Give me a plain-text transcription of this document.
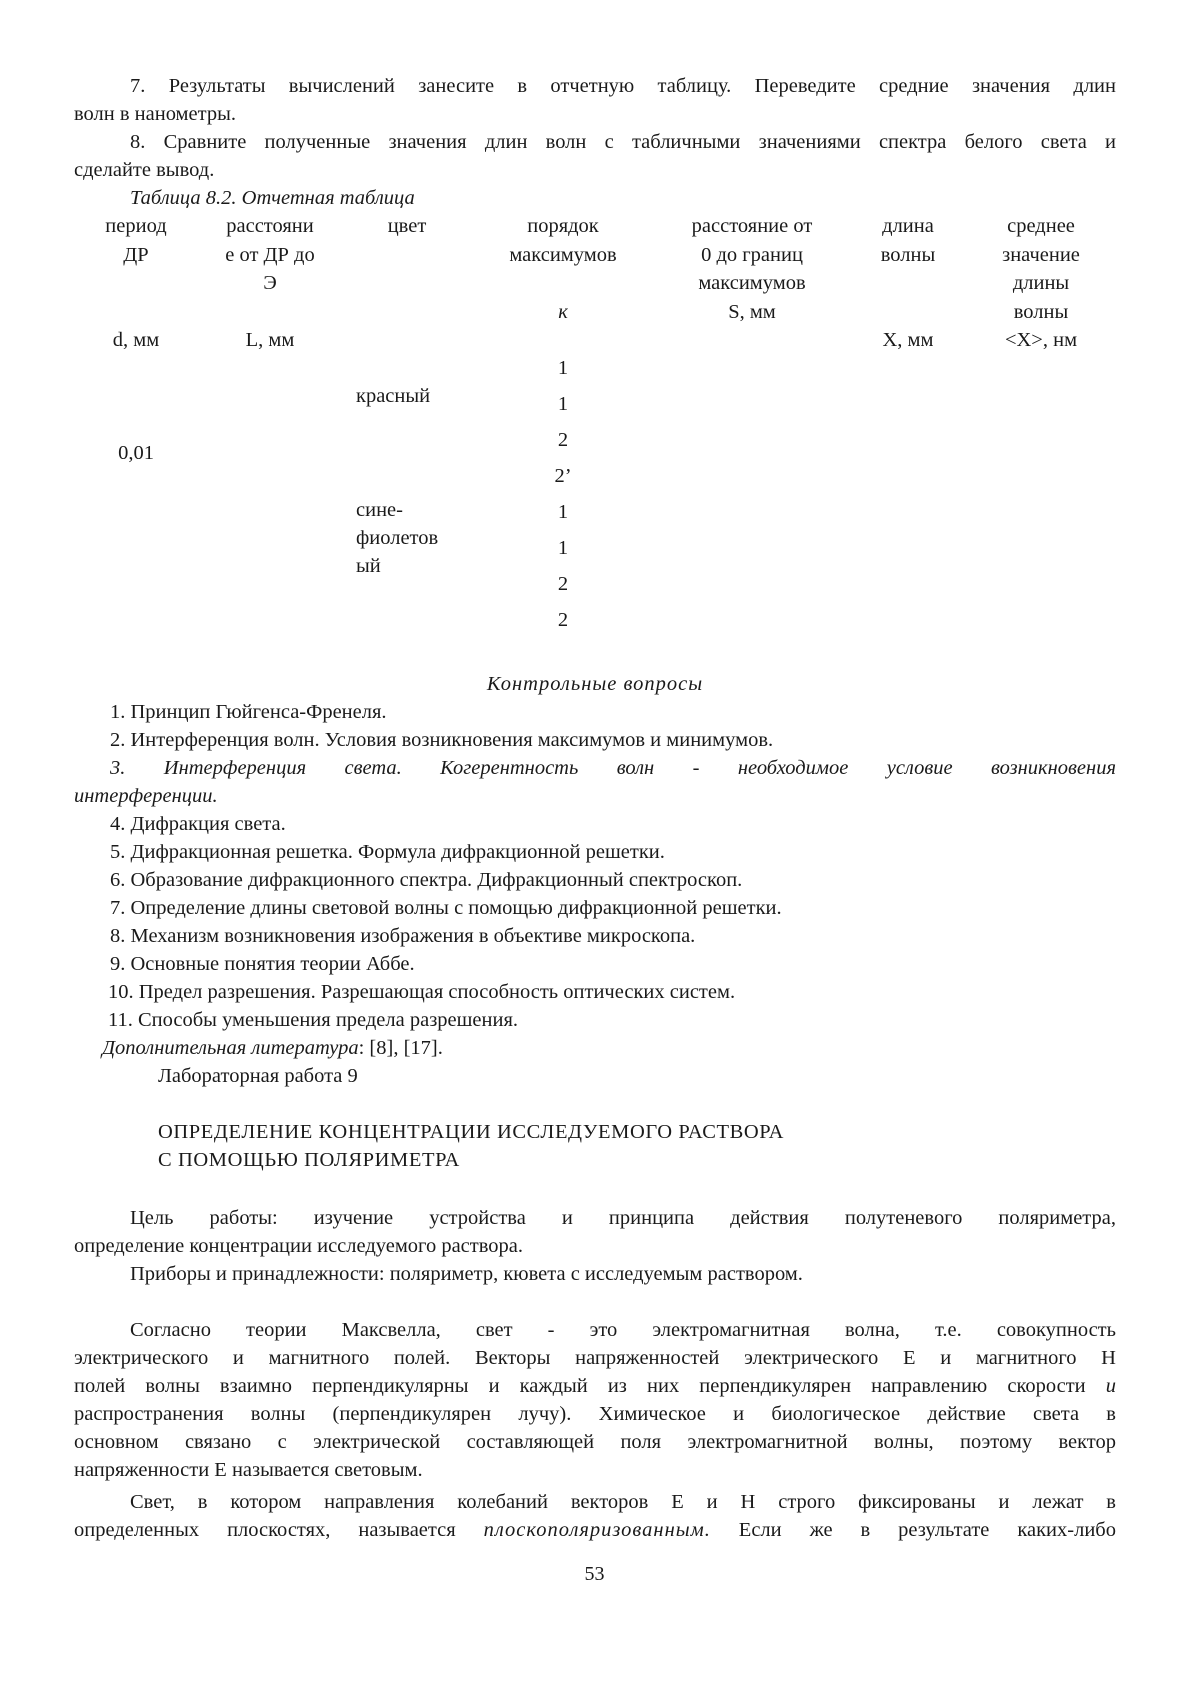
7. Результаты вычислений занесите в отчетную таблицу. Переведите средние значения длин

волн в нанометры.

8. Сравните полученные значения длин волн с табличными значениями спектра белого света и

сделайте вывод.

Таблица 8.2. Отчетная таблица

период
ДР
d, мм
0,01
расстояни
е от ДР до
Э
L, мм
цвет
красный
сине-
фиолетов
ый
порядок
максимумов
к
1
1
2
2’
1
1
2
2
расстояние от
0 до границ
максимумов
S, мм
длина
волны
X, мм
среднее
значение
длины
волны
<X>, нм

Контрольные вопросы

1. Принцип Гюйгенса-Френеля.

2. Интерференция волн. Условия возникновения максимумов и минимумов.

3. Интерференция света. Когерентность волн - необходимое условие возникновения

интерференции.

4. Дифракция света.

5. Дифракционная решетка. Формула дифракционной решетки.

6. Образование дифракционного спектра. Дифракционный спектроскоп.

7. Определение длины световой волны с помощью дифракционной решетки.

8. Механизм возникновения изображения в объективе микроскопа.

9. Основные понятия теории Аббе.

10. Предел разрешения. Разрешающая способность оптических систем.

11. Способы уменьшения предела разрешения.

Дополнительная литература: [8], [17].

Лабораторная работа 9

ОПРЕДЕЛЕНИЕ КОНЦЕНТРАЦИИ ИССЛЕДУЕМОГО РАСТВОРА

С ПОМОЩЬЮ ПОЛЯРИМЕТРА

Цель работы: изучение устройства и принципа действия полутеневого поляриметра,

определение концентрации исследуемого раствора.

Приборы и принадлежности: поляриметр, кювета с исследуемым раствором.

Согласно теории Максвелла, свет - это электромагнитная волна, т.е. совокупность

электрического и магнитного полей. Векторы напряженностей электрического Е и магнитного Н

полей волны взаимно перпендикулярны и каждый из них перпендикулярен направлению скорости и

распространения волны (перпендикулярен лучу). Химическое и биологическое действие света в

основном связано с электрической составляющей поля электромагнитной волны, поэтому вектор

напряженности Е называется световым.

Свет, в котором направления колебаний векторов Е и Н строго фиксированы и лежат в

определенных плоскостях, называется плоскополяризованным. Если же в результате каких-либо

53
